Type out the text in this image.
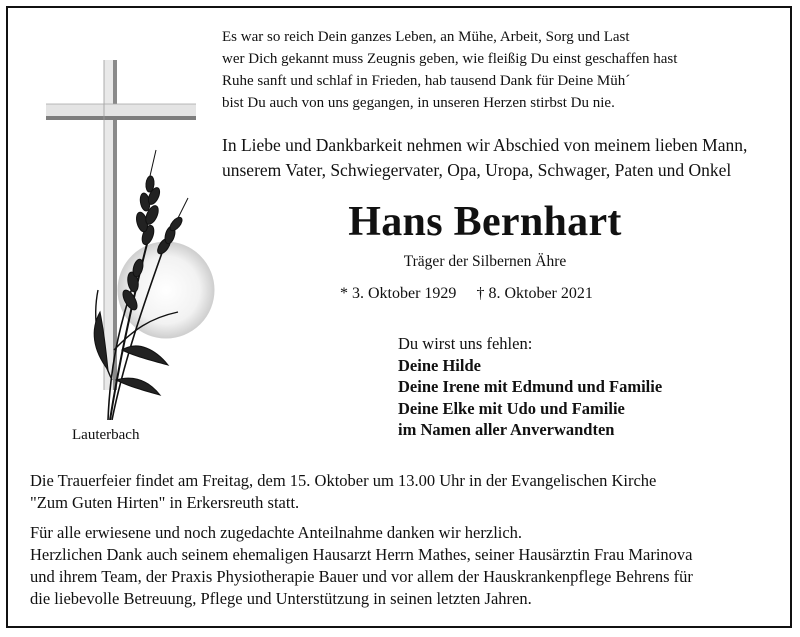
Es war so reich Dein ganzes Leben, an Mühe, Arbeit, Sorg und Last
wer Dich gekannt muss Zeugnis geben, wie fleißig Du einst geschaffen hast
Ruhe sanft und schlaf in Frieden, hab tausend Dank für Deine Müh´
bist Du auch von uns gegangen, in unseren Herzen stirbst Du nie.
In Liebe und Dankbarkeit nehmen wir Abschied von meinem lieben Mann,
unserem Vater, Schwiegervater, Opa, Uropa, Schwager, Paten und Onkel
Hans Bernhart
Träger der Silbernen Ähre
* 3. Oktober 1929 † 8. Oktober 2021
Du wirst uns fehlen:
Deine Hilde
Deine Irene mit Edmund und Familie
Deine Elke mit Udo und Familie
im Namen aller Anverwandten
Lauterbach
Die Trauerfeier findet am Freitag, dem 15. Oktober um 13.00 Uhr in der Evangelischen Kirche
"Zum Guten Hirten" in Erkersreuth statt.
Für alle erwiesene und noch zugedachte Anteilnahme danken wir herzlich.
Herzlichen Dank auch seinem ehemaligen Hausarzt Herrn Mathes, seiner Hausärztin Frau Marinova
und ihrem Team, der Praxis Physiotherapie Bauer und vor allem der Hauskrankenpflege Behrens für
die liebevolle Betreuung, Pflege und Unterstützung in seinen letzten Jahren.
